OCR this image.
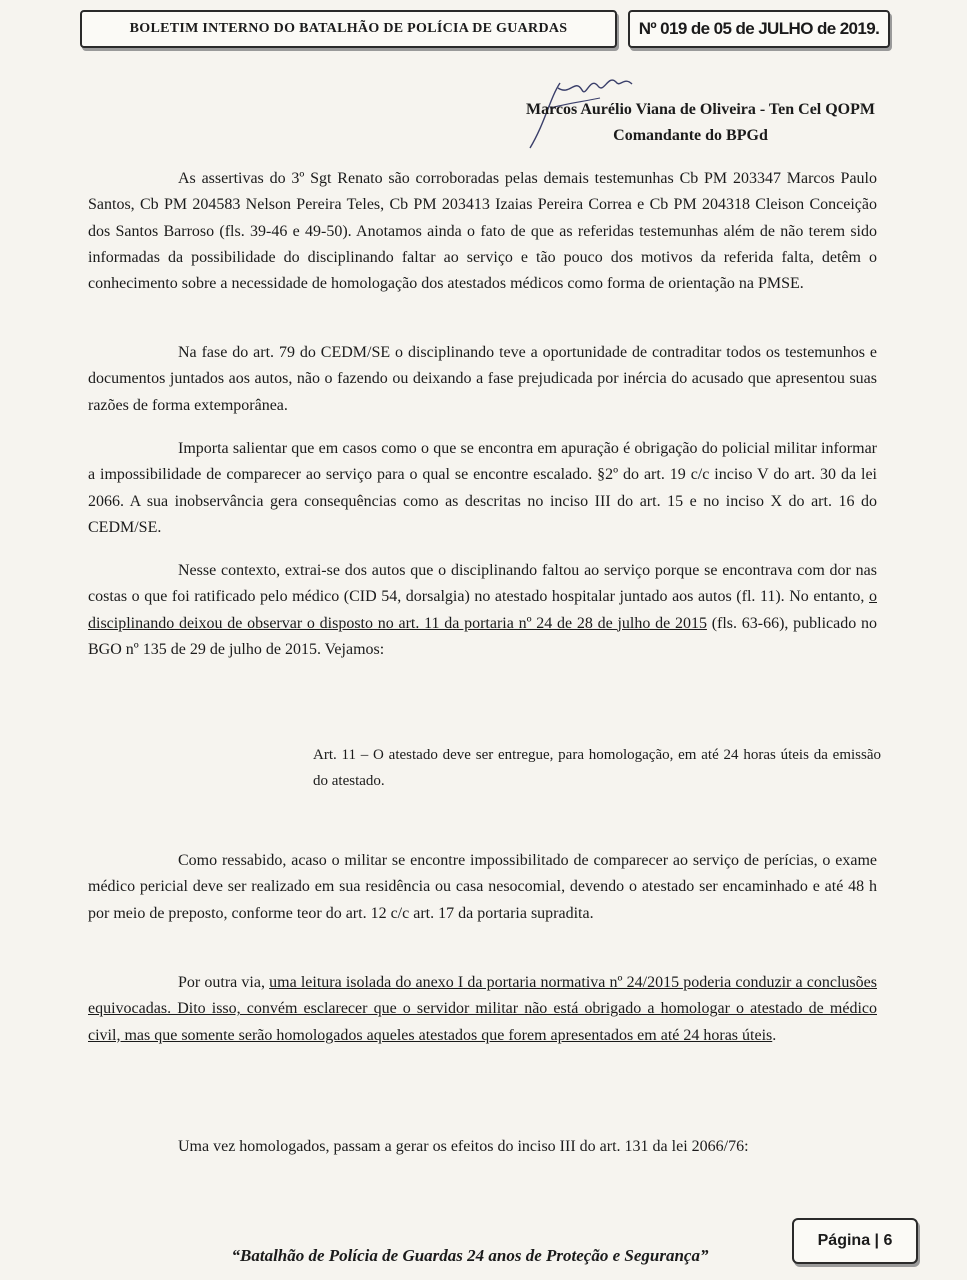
BOLETIM INTERNO DO BATALHÃO DE POLÍCIA DE GUARDAS	Nº 019 de 05 de JULHO de 2019.
Marcos Aurélio Viana de Oliveira - Ten Cel QOPM
Comandante do BPGd

As assertivas do 3º Sgt Renato são corroboradas pelas demais testemunhas Cb PM 203347 Marcos Paulo Santos, Cb PM 204583 Nelson Pereira Teles, Cb PM 203413 Izaias Pereira Correa e Cb PM 204318 Cleison Conceição dos Santos Barroso (fls. 39-46 e 49-50). Anotamos ainda o fato de que as referidas testemunhas além de não terem sido informadas da possibilidade do disciplinando faltar ao serviço e tão pouco dos motivos da referida falta, detêm o conhecimento sobre a necessidade de homologação dos atestados médicos como forma de orientação na PMSE.

Na fase do art. 79 do CEDM/SE o disciplinando teve a oportunidade de contraditar todos os testemunhos e documentos juntados aos autos, não o fazendo ou deixando a fase prejudicada por inércia do acusado que apresentou suas razões de forma extemporânea.

Importa salientar que em casos como o que se encontra em apuração é obrigação do policial militar informar a impossibilidade de comparecer ao serviço para o qual se encontre escalado. §2º do art. 19 c/c inciso V do art. 30 da lei 2066. A sua inobservância gera consequências como as descritas no inciso III do art. 15 e no inciso X do art. 16 do CEDM/SE.

Nesse contexto, extrai-se dos autos que o disciplinando faltou ao serviço porque se encontrava com dor nas costas o que foi ratificado pelo médico (CID 54, dorsalgia) no atestado hospitalar juntado aos autos (fl. 11). No entanto, o disciplinando deixou de observar o disposto no art. 11 da portaria nº 24 de 28 de julho de 2015 (fls. 63-66), publicado no BGO nº 135 de 29 de julho de 2015. Vejamos:

Art. 11 – O atestado deve ser entregue, para homologação, em até 24 horas úteis da emissão do atestado.

Como ressabido, acaso o militar se encontre impossibilitado de comparecer ao serviço de perícias, o exame médico pericial deve ser realizado em sua residência ou casa nesocomial, devendo o atestado ser encaminhado e até 48 h por meio de preposto, conforme teor do art. 12 c/c art. 17 da portaria supradita.

Por outra via, uma leitura isolada do anexo I da portaria normativa nº 24/2015 poderia conduzir a conclusões equivocadas. Dito isso, convém esclarecer que o servidor militar não está obrigado a homologar o atestado de médico civil, mas que somente serão homologados aqueles atestados que forem apresentados em até 24 horas úteis.

Uma vez homologados, passam a gerar os efeitos do inciso III do art. 131 da lei 2066/76:

Página | 6
“Batalhão de Polícia de Guardas 24 anos de Proteção e Segurança”
